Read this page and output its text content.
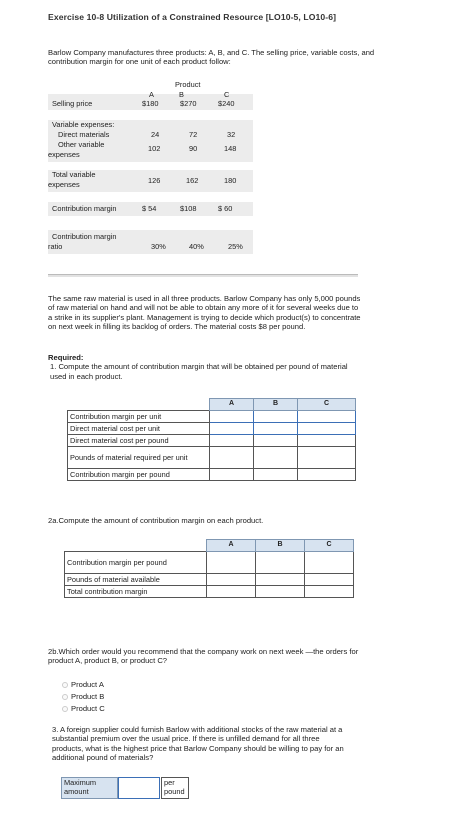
Exercise 10-8 Utilization of a Constrained Resource [LO10-5, LO10-6]
Barlow Company manufactures three products: A, B, and C. The selling price, variable costs, and contribution margin for one unit of each product follow:
Product
A	B	C
Selling price	$180	$270	$240
Variable expenses:
Direct materials	24	72	32
Other variable
expenses
102	90	148
Total variable
expenses	126	162	180
Contribution margin	$ 54	$108	$ 60
Contribution margin
ratio	30%	40%	25%
The same raw material is used in all three products. Barlow Company has only 5,000 pounds of raw material on hand and will not be able to obtain any more of it for several weeks due to a strike in its supplier's plant. Management is trying to decide which product(s) to concentrate on next week in filling its backlog of orders. The material costs $8 per pound.
Required:
1. Compute the amount of contribution margin that will be obtained per pound of material used in each product.
	A	B	C
Contribution margin per unit			
Direct material cost per unit			
Direct material cost per pound			
Pounds of material required per unit			
Contribution margin per pound			
2a.Compute the amount of contribution margin on each product.
	A	B	C
Contribution margin per pound			
Pounds of material available			
Total contribution margin			
2b.Which order would you recommend that the company work on next week —the orders for product A, product B, or product C?
Product A
Product B
Product C
3. A foreign supplier could furnish Barlow with additional stocks of the raw material at a substantial premium over the usual price. If there is unfilled demand for all three products, what is the highest price that Barlow Company should be willing to pay for an additional pound of materials?
Maximum amount
per pound
